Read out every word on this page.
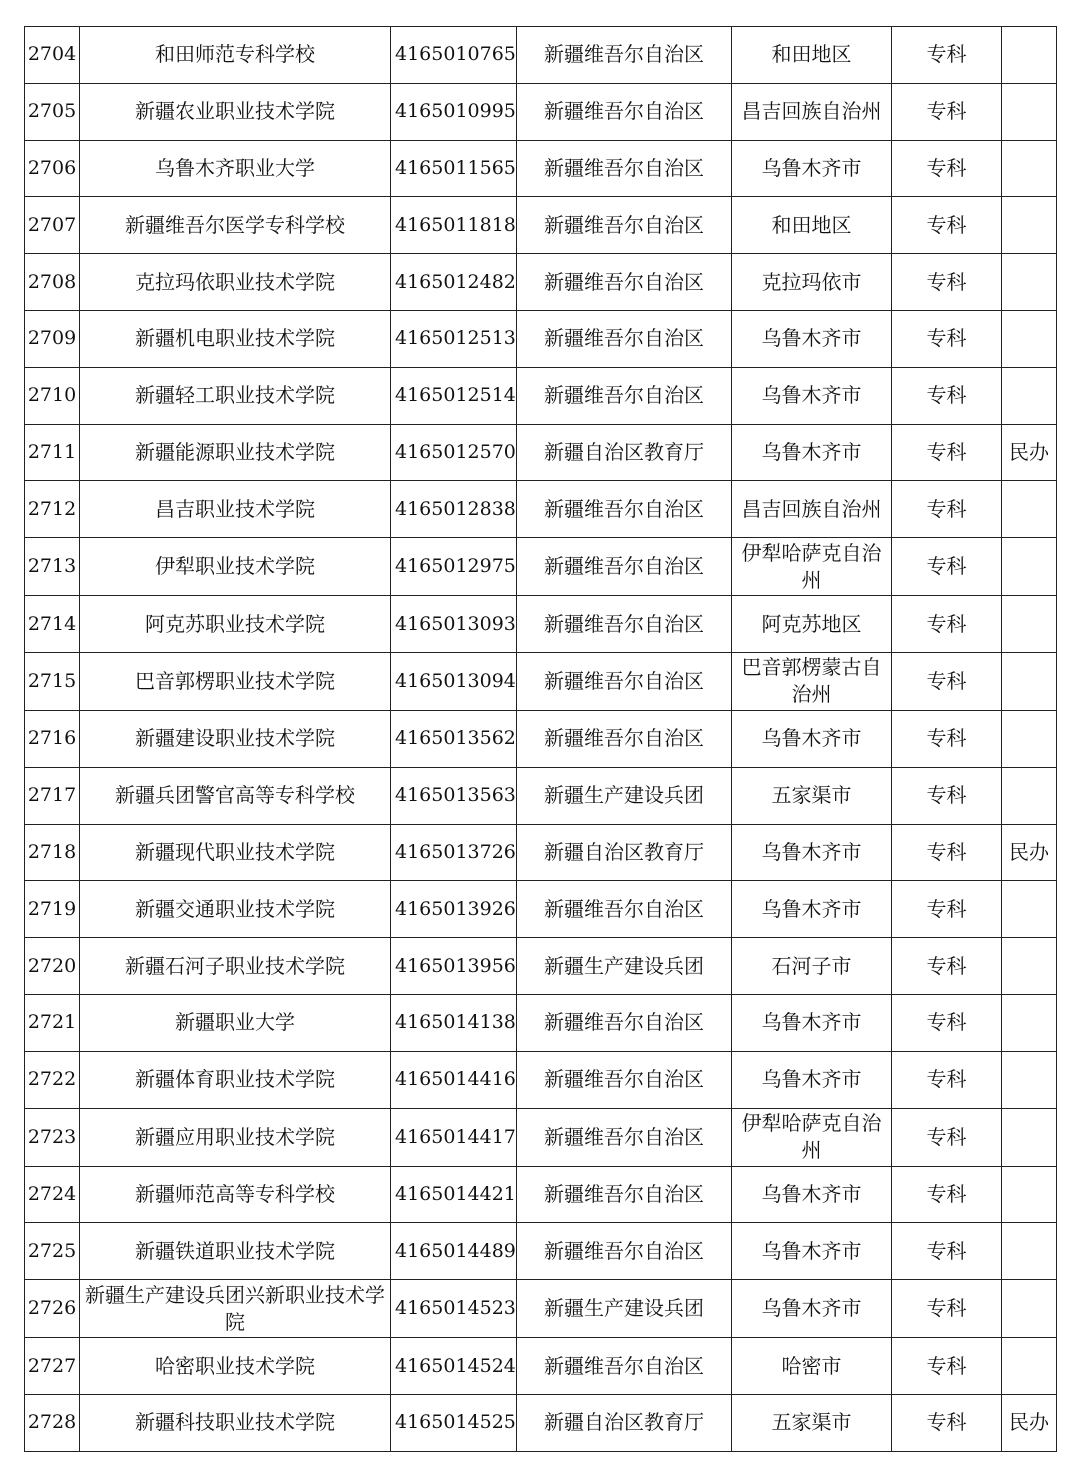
2704	和田师范专科学校	4165010765	新疆维吾尔自治区	和田地区	专科	
2705	新疆农业职业技术学院	4165010995	新疆维吾尔自治区	昌吉回族自治州	专科	
2706	乌鲁木齐职业大学	4165011565	新疆维吾尔自治区	乌鲁木齐市	专科	
2707	新疆维吾尔医学专科学校	4165011818	新疆维吾尔自治区	和田地区	专科	
2708	克拉玛依职业技术学院	4165012482	新疆维吾尔自治区	克拉玛依市	专科	
2709	新疆机电职业技术学院	4165012513	新疆维吾尔自治区	乌鲁木齐市	专科	
2710	新疆轻工职业技术学院	4165012514	新疆维吾尔自治区	乌鲁木齐市	专科	
2711	新疆能源职业技术学院	4165012570	新疆自治区教育厅	乌鲁木齐市	专科	民办
2712	昌吉职业技术学院	4165012838	新疆维吾尔自治区	昌吉回族自治州	专科	
2713	伊犁职业技术学院	4165012975	新疆维吾尔自治区	伊犁哈萨克自治州	专科	
2714	阿克苏职业技术学院	4165013093	新疆维吾尔自治区	阿克苏地区	专科	
2715	巴音郭楞职业技术学院	4165013094	新疆维吾尔自治区	巴音郭楞蒙古自治州	专科	
2716	新疆建设职业技术学院	4165013562	新疆维吾尔自治区	乌鲁木齐市	专科	
2717	新疆兵团警官高等专科学校	4165013563	新疆生产建设兵团	五家渠市	专科	
2718	新疆现代职业技术学院	4165013726	新疆自治区教育厅	乌鲁木齐市	专科	民办
2719	新疆交通职业技术学院	4165013926	新疆维吾尔自治区	乌鲁木齐市	专科	
2720	新疆石河子职业技术学院	4165013956	新疆生产建设兵团	石河子市	专科	
2721	新疆职业大学	4165014138	新疆维吾尔自治区	乌鲁木齐市	专科	
2722	新疆体育职业技术学院	4165014416	新疆维吾尔自治区	乌鲁木齐市	专科	
2723	新疆应用职业技术学院	4165014417	新疆维吾尔自治区	伊犁哈萨克自治州	专科	
2724	新疆师范高等专科学校	4165014421	新疆维吾尔自治区	乌鲁木齐市	专科	
2725	新疆铁道职业技术学院	4165014489	新疆维吾尔自治区	乌鲁木齐市	专科	
2726	新疆生产建设兵团兴新职业技术学院	4165014523	新疆生产建设兵团	乌鲁木齐市	专科	
2727	哈密职业技术学院	4165014524	新疆维吾尔自治区	哈密市	专科	
2728	新疆科技职业技术学院	4165014525	新疆自治区教育厅	五家渠市	专科	民办
